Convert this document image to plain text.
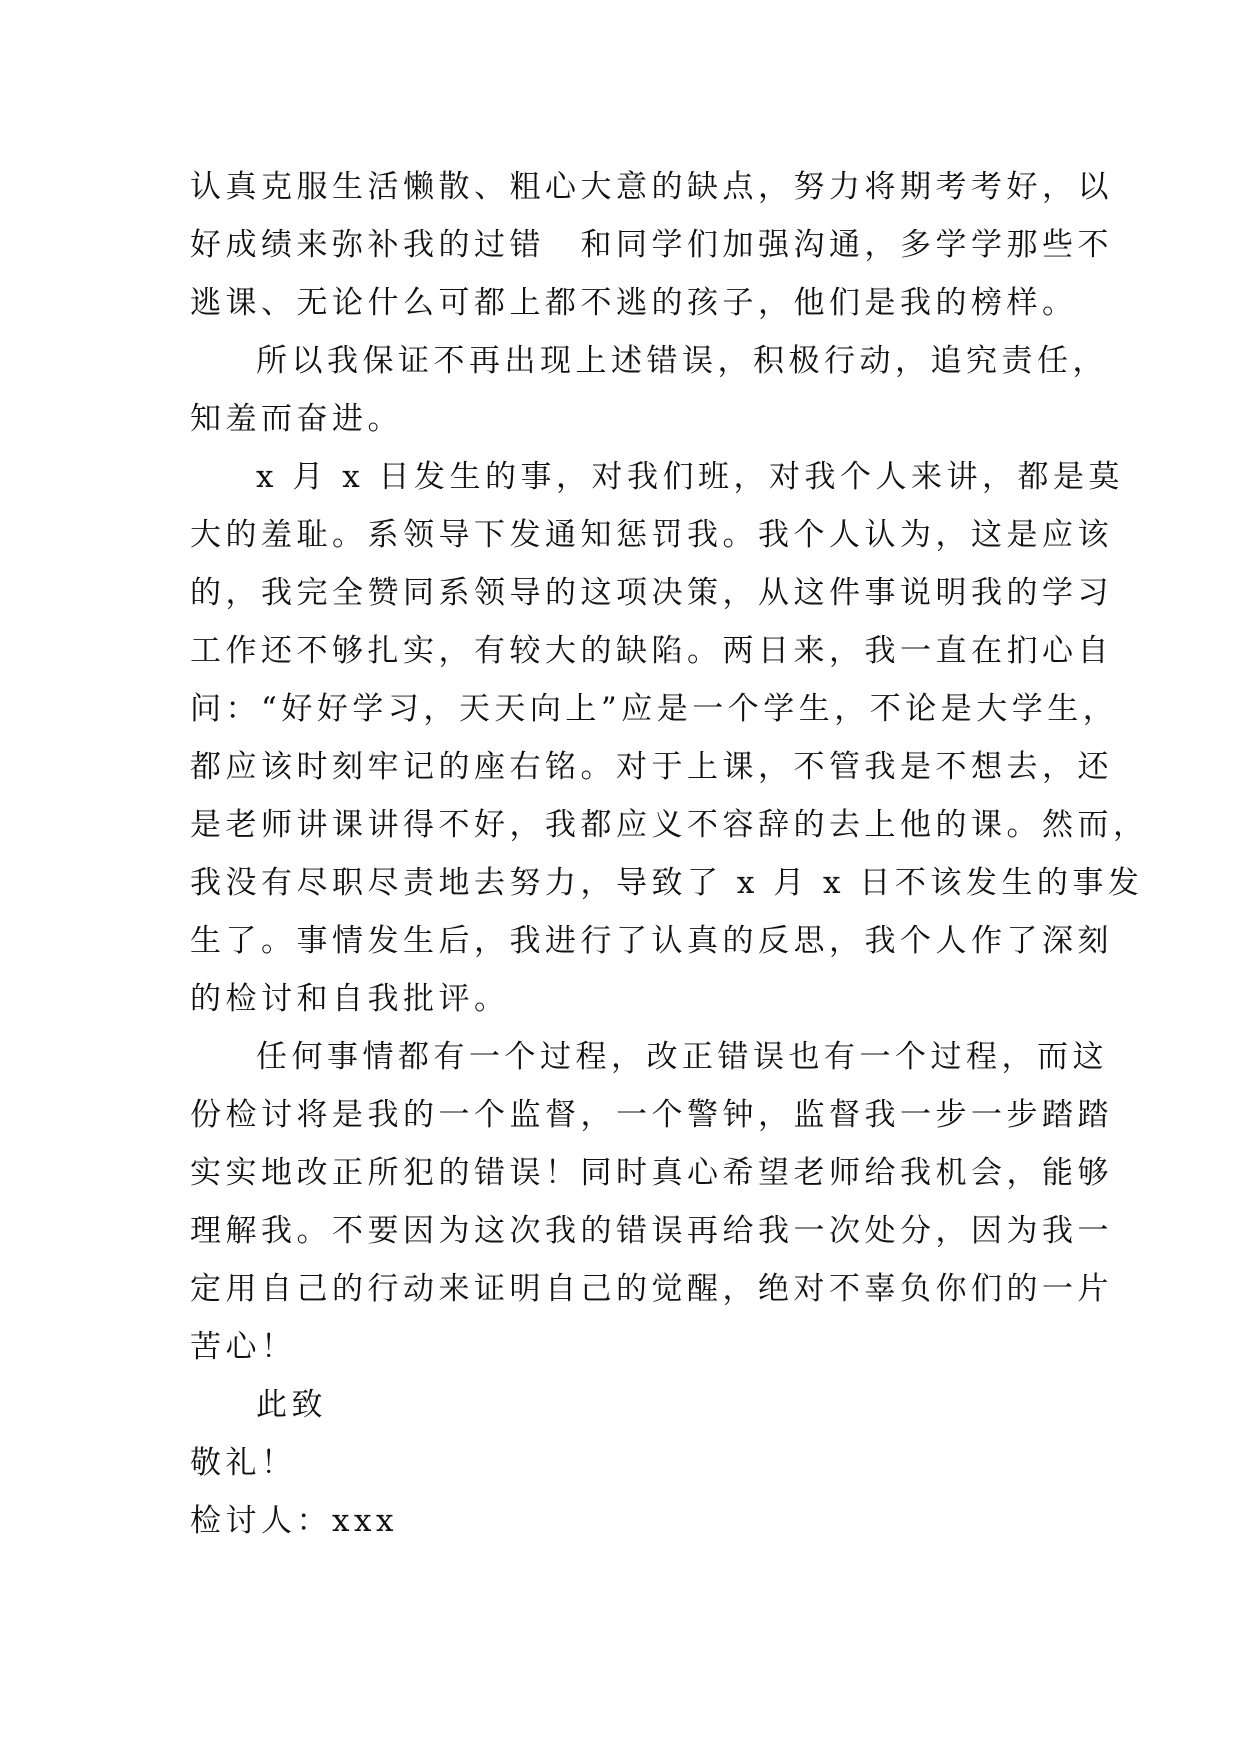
认真克服生活懒散、粗心大意的缺点，努力将期考考好，以
好成绩来弥补我的过错　和同学们加强沟通，多学学那些不
逃课、无论什么可都上都不逃的孩子，他们是我的榜样。
所以我保证不再出现上述错误，积极行动，追究责任，
知羞而奋进。
x 月 x 日发生的事，对我们班，对我个人来讲，都是莫
大的羞耻。系领导下发通知惩罚我。我个人认为，这是应该
的，我完全赞同系领导的这项决策，从这件事说明我的学习
工作还不够扎实，有较大的缺陷。两日来，我一直在扪心自
问：“好好学习，天天向上”应是一个学生，不论是大学生，
都应该时刻牢记的座右铭。对于上课，不管我是不想去，还
是老师讲课讲得不好，我都应义不容辞的去上他的课。然而，
我没有尽职尽责地去努力，导致了 x 月 x 日不该发生的事发
生了。事情发生后，我进行了认真的反思，我个人作了深刻
的检讨和自我批评。
任何事情都有一个过程，改正错误也有一个过程，而这
份检讨将是我的一个监督，一个警钟，监督我一步一步踏踏
实实地改正所犯的错误！同时真心希望老师给我机会，能够
理解我。不要因为这次我的错误再给我一次处分，因为我一
定用自己的行动来证明自己的觉醒，绝对不辜负你们的一片
苦心！
此致
敬礼！
检讨人：xxx
